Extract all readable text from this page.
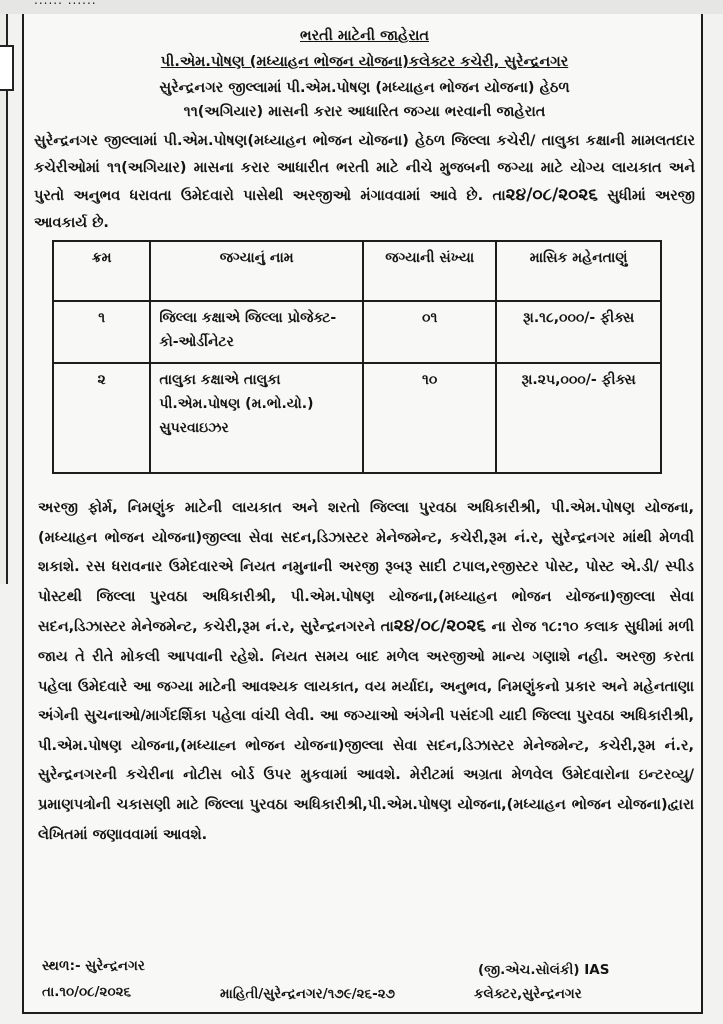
...... ......
ભરતી માટેની જાહેરાત
પી.એમ.પોષણ (મધ્યાહન ભોજન યોજના)કલેક્ટર કચેરી, સુરેન્દ્રનગર
સુરેન્દ્રનગર જીલ્લામાં પી.એમ.પોષણ (મધ્યાહન ભોજન યોજના) હેઠળ
૧૧(અગિયાર) માસની કરાર આધારિત જગ્યા ભરવાની જાહેરાત
સુરેન્દ્રનગર જીલ્લામાં પી.એમ.પોષણ(મધ્યાહન ભોજન યોજના) હેઠળ જિલ્લા કચેરી/ તાલુકા કક્ષાની મામલતદાર કચેરીઓમાં ૧૧(અગિયાર) માસના કરાર આધારીત ભરતી માટે નીચે મુજબની જગ્યા માટે યોગ્ય લાયકાત અને પુરતો અનુભવ ધરાવતા ઉમેદવારો પાસેથી અરજીઓ મંગાવવામાં આવે છે. તા૨૪/૦૮/૨૦૨૬ સુધીમાં અરજી આવકાર્ય છે.
ક્રમ	જગ્યાનું નામ	જગ્યાની સંખ્યા	માસિક મહેનતાણું
૧	જિલ્લા કક્ષાએ જિલ્લા પ્રોજેક્ટ-કો-ઓર્ડીનેટર	૦૧	રૂા.૧૮,૦૦૦/- ફીક્સ
૨	તાલુકા કક્ષાએ તાલુકા પી.એમ.પોષણ (મ.ભો.યો.) સુપરવાઇઝર	૧૦	રૂા.૨૫,૦૦૦/- ફીક્સ
અરજી ફોર્મ, નિમણુંક માટેની લાયકાત અને શરતો જિલ્લા પુરવઠા અધિકારીશ્રી, પી.એમ.પોષણ યોજના,(મધ્યાહન ભોજન યોજના)જીલ્લા સેવા સદન,ડિઝાસ્ટર મેનેજમેન્ટ, કચેરી,રૂમ નં.ર, સુરેન્દ્રનગર માંથી મેળવી શકાશે. રસ ધરાવનાર ઉમેદવારએ નિયત નમુનાની અરજી રૂબરૂ સાદી ટપાલ,રજીસ્ટર પોસ્ટ, પોસ્ટ એ.ડી/ સ્પીડ પોસ્ટથી જિલ્લા પુરવઠા અધિકારીશ્રી, પી.એમ.પોષણ યોજના,(મધ્યાહન ભોજન યોજના)જીલ્લા સેવા સદન,ડિઝાસ્ટર મેનેજમેન્ટ, કચેરી,રૂમ નં.ર, સુરેન્દ્રનગરને તા૨૪/૦૮/૨૦૨૬ ના રોજ ૧૮:૧૦ કલાક સુધીમાં મળી જાય તે રીતે મોકલી આપવાની રહેશે. નિયત સમય બાદ મળેલ અરજીઓ માન્ય ગણાશે નહી. અરજી કરતા પહેલા ઉમેદવારે આ જગ્યા માટેની આવશ્યક લાયકાત, વય મર્યાદા, અનુભવ, નિમણુંકનો પ્રકાર અને મહેનતાણા અંગેની સુચનાઓ/માર્ગદર્શિકા પહેલા વાંચી લેવી. આ જગ્યાઓ અંગેની પસંદગી યાદી જિલ્લા પુરવઠા અધિકારીશ્રી, પી.એમ.પોષણ યોજના,(મધ્યાહ્ન ભોજન યોજના)જીલ્લા સેવા સદન,ડિઝાસ્ટર મેનેજમેન્ટ, કચેરી,રૂમ નં.ર, સુરેન્દ્રનગરની કચેરીના નોટીસ બોર્ડ ઉપર મુકવામાં આવશે. મેરીટમાં અગ્રતા મેળવેલ ઉમેદવારોના ઇન્ટરવ્યુ/પ્રમાણપત્રોની ચકાસણી માટે જિલ્લા પુરવઠા અધિકારીશ્રી,પી.એમ.પોષણ યોજના,(મધ્યાહન ભોજન યોજના)દ્વારા લેખિતમાં જણાવવામાં આવશે.
સ્થળ:- સુરેન્દ્રનગર
તા.૧૦/૦૮/૨૦૨૬	માહિતી/સુરેન્દ્રનગર/૧૭૯/૨૬-૨૭
(જી.એચ.સોલંકી) IAS
કલેક્ટર,સુરેન્દ્રનગર
